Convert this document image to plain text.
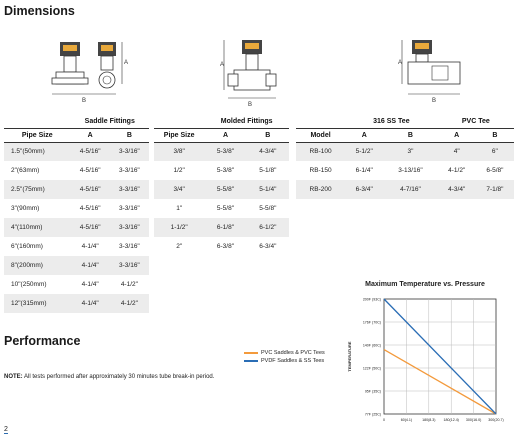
Dimensions
A
B
A
B
A
B
	Saddle Fittings	
Pipe Size	A	B
1.5"(50mm)	4-5/16"	3-3/16"
2"(63mm)	4-5/16"	3-3/16"
2.5"(75mm)	4-5/16"	3-3/16"
3"(90mm)	4-5/16"	3-3/16"
4"(110mm)	4-5/16"	3-3/16"
6"(160mm)	4-1/4"	3-3/16"
8"(200mm)	4-1/4"	3-3/16"
10"(250mm)	4-1/4"	4-1/2"
12"(315mm)	4-1/4"	4-1/2"
	Molded Fittings	
Pipe Size	A	B
3/8"	5-3/8"	4-3/4"
1/2"	5-3/8"	5-1/8"
3/4"	5-5/8"	5-1/4"
1"	5-5/8"	5-5/8"
1-1/2"	6-1/8"	6-1/2"
2"	6-3/8"	6-3/4"
	316 SS Tee		PVC Tee	
Model	A	B	A	B
RB-100	5-1/2"	3"	4"	6"
RB-150	6-1/4"	3-13/16"	4-1/2"	6-5/8"
RB-200	6-3/4"	4-7/16"	4-3/4"	7-1/8"
Performance
Maximum Temperature vs. Pressure
PVC Saddles & PVC Tees
PVDF Saddles & SS Tees
77F (25C)
95F (35C)
122F (50C)
140F (60C)
176F (70C)
200F (93C)
0	60(4.1)	180(8.3) 180(12.4) 300(16.0) 300(20.7)
TEMPERATURE
NOTE: All tests performed after approximately 30 minutes tube break-in period.
2
